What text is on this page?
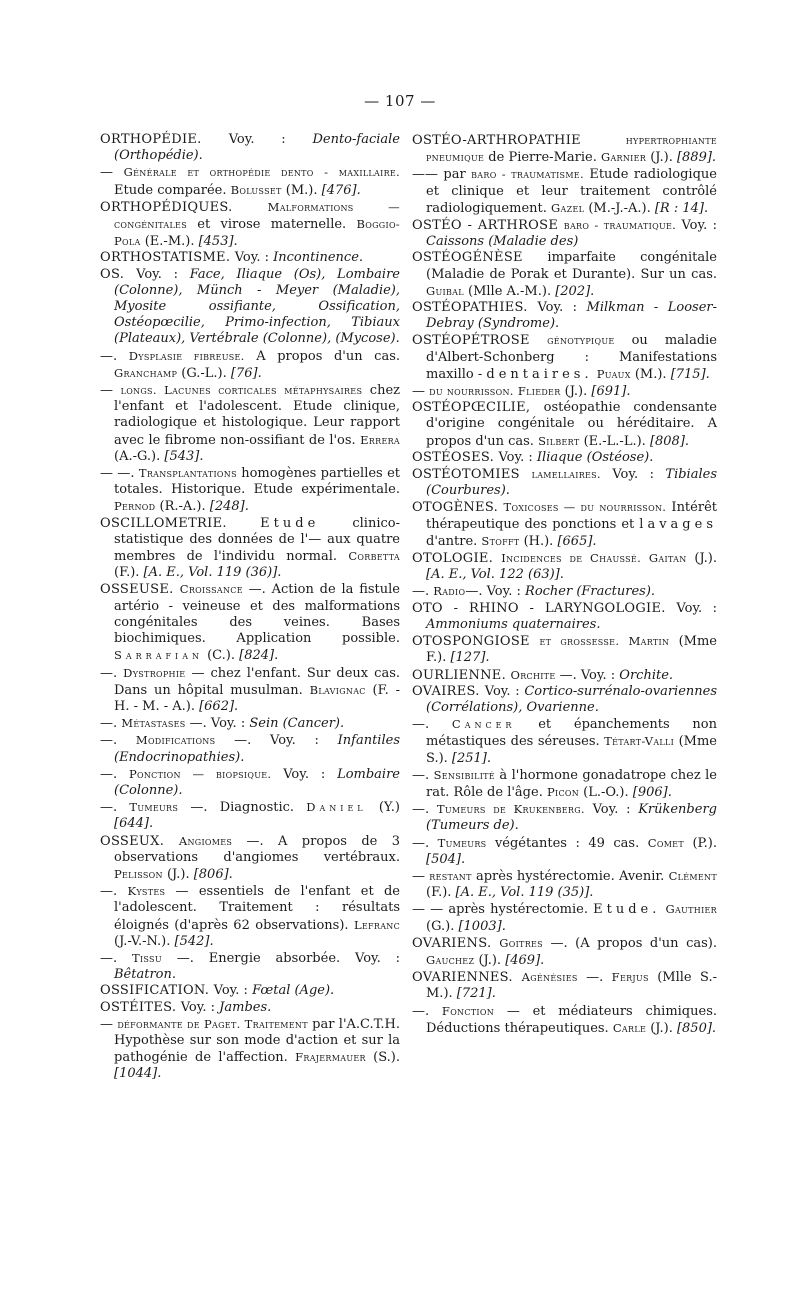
— 107 —

ORTHOPÉDIE. Voy. : Dento-faciale (Orthopédie).

— Générale et orthopédie dento - maxillaire. Etude comparée. Bolusset (M.). [476].

ORTHOPÉDIQUES. Malformations — congénitales et virose maternelle. Boggio-Pola (E.-M.). [453].

ORTHOSTATISME. Voy. : Incontinence.

OS. Voy. : Face, Iliaque (Os), Lombaire (Colonne), Münch - Meyer (Maladie), Myosite ossifiante, Ossification, Ostéopœcilie, Primo-infection, Tibiaux (Plateaux), Vertébrale (Colonne), (Mycose).

—. Dysplasie fibreuse. A propos d'un cas. Granchamp (G.-L.). [76].

— longs. Lacunes corticales métaphysaires chez l'enfant et l'adolescent. Etude clinique, radiologique et histologique. Leur rapport avec le fibrome non-ossifiant de l'os. Errera (A.-G.). [543].

— —. Transplantations homogènes partielles et totales. Historique. Etude expérimentale. Pernod (R.-A.). [248].

OSCILLOMETRIE. Etude clinico-statistique des données de l'— aux quatre membres de l'individu normal. Corbetta (F.). [A. E., Vol. 119 (36)].

OSSEUSE. Croissance —. Action de la fistule artério - veineuse et des malformations congénitales des veines. Bases biochimiques. Application possible. Sarrafian (C.). [824].

—. Dystrophie — chez l'enfant. Sur deux cas. Dans un hôpital musulman. Blavignac (F. - H. - M. - A.). [662].

—. Métastases —. Voy. : Sein (Cancer).

—. Modifications —. Voy. : Infantiles (Endocrinopathies).

—. Ponction — biopsique. Voy. : Lombaire (Colonne).

—. Tumeurs —. Diagnostic. Daniel (Y.) [644].

OSSEUX. Angiomes —. A propos de 3 observations d'angiomes vertébraux. Pelisson (J.). [806].

—. Kystes — essentiels de l'enfant et de l'adolescent. Traitement : résultats éloignés (d'après 62 observations). Lefranc (J.-V.-N.). [542].

—. Tissu —. Energie absorbée. Voy. : Bêtatron.

OSSIFICATION. Voy. : Fœtal (Age).

OSTÉITES. Voy. : Jambes.

— déformante de Paget. Traitement par l'A.C.T.H. Hypothèse sur son mode d'action et sur la pathogénie de l'affection. Frajermauer (S.). [1044].

OSTÉO-ARTHROPATHIE hypertrophiante pneumique de Pierre-Marie. Garnier (J.). [889].

—— par baro - traumatisme. Etude radiologique et clinique et leur traitement contrôlé radiologiquement. Gazel (M.-J.-A.). [R : 14].

OSTÉO - ARTHROSE baro - traumatique. Voy. : Caissons (Maladie des)

OSTÉOGÉNÈSE imparfaite congénitale (Maladie de Porak et Durante). Sur un cas. Guibal (Mlle A.-M.). [202].

OSTÉOPATHIES. Voy. : Milkman - Looser-Debray (Syndrome).

OSTÉOPÉTROSE génotypique ou maladie d'Albert-Schonberg : Manifestations maxillo - dentaires. Puaux (M.). [715].

— du nourrisson. Flieder (J.). [691].

OSTÉOPŒCILIE, ostéopathie condensante d'origine congénitale ou héréditaire. A propos d'un cas. Silbert (E.-L.-L.). [808].

OSTÉOSES. Voy. : Iliaque (Ostéose).

OSTÉOTOMIES lamellaires. Voy. : Tibiales (Courbures).

OTOGÈNES. Toxicoses — du nourrisson. Intérêt thérapeutique des ponctions et lavages d'antre. Stofft (H.). [665].

OTOLOGIE. Incidences de Chaussé. Gaitan (J.). [A. E., Vol. 122 (63)].

—. Radio—. Voy. : Rocher (Fractures).

OTO - RHINO - LARYNGOLOGIE. Voy. : Ammoniums quaternaires.

OTOSPONGIOSE et grossesse. Martin (Mme F.). [127].

OURLIENNE. Orchite —. Voy. : Orchite.

OVAIRES. Voy. : Cortico-surrénalo-ovariennes (Corrélations), Ovarienne.

—. Cancer et épanchements non métastiques des séreuses. Tétart-Valli (Mme S.). [251].

—. Sensibilité à l'hormone gonadatrope chez le rat. Rôle de l'âge. Picon (L.-O.). [906].

—. Tumeurs de Krukenberg. Voy. : Krükenberg (Tumeurs de).

—. Tumeurs végétantes : 49 cas. Comet (P.). [504].

— restant après hystérectomie. Avenir. Clément (F.). [A. E., Vol. 119 (35)].

— — après hystérectomie. Etude. Gauthier (G.). [1003].

OVARIENS. Goitres —. (A propos d'un cas). Gauchez (J.). [469].

OVARIENNES. Agénésies —. Ferjus (Mlle S.-M.). [721].

—. Fonction — et médiateurs chimiques. Déductions thérapeutiques. Carle (J.). [850].
